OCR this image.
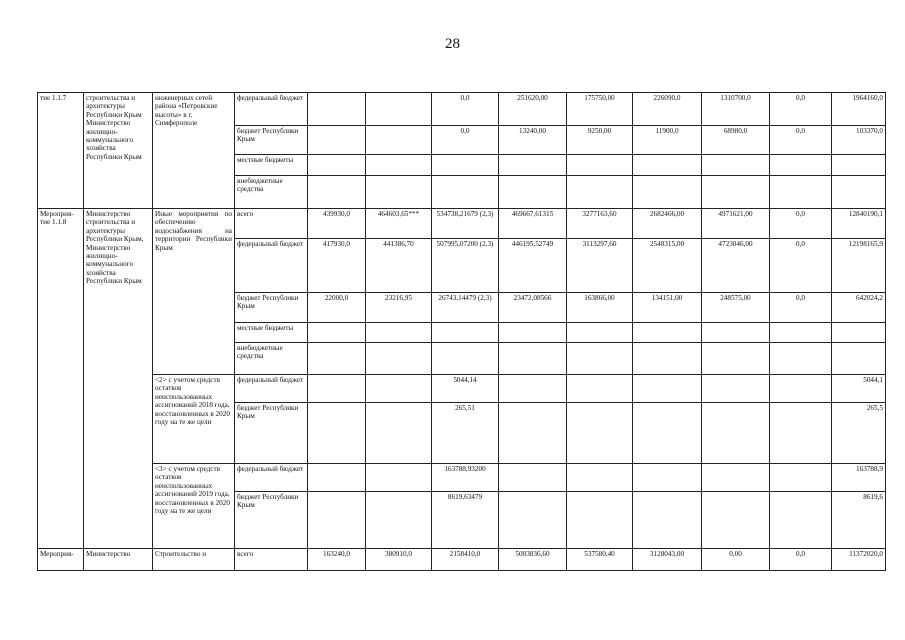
28
тие 1.1.7	строительства и архитектуры Республики Крым Министерство жилищно-коммунального хозяйства Республики Крым	инженерных сетей района «Петровские высоты» в г. Симферополе	федеральный бюджет			0,0	251620,00	175750,00	226090,0	1310700,0	0,0	1964160,0
			бюджет Республики Крым			0,0	13240,00	9250,00	11900,0	68980,0	0,0	103370,0
			местные бюджеты									
			внебюджетные средства									
Мероприя-тие 1.1.8	Министерство строительства и архитектуры Республики Крым, Министерство жилищно-коммунального хозяйства Республики Крым	Иные мероприятия по обеспечению водоснабжения на территории Республики Крым	всего	439930,0	464603,65***	534738,21679 (2,3)	469667,61315	3277163,60	2682466,00	4971621,00	0,0	12840190,1
			федеральный бюджет	417930,0	441386,70	507995,07200 (2,3)	446195,52749	3113297,60	2548315,00	4723046,00	0,0	12198165,9
			бюджет Республики Крым	22000,0	23216,95	26743,14479 (2,3)	23472,08566	163866,00	134151,00	248575,00	0,0	642024,2
			местные бюджеты									
			внебюджетные средства									
		<2> с учетом средств остатков неиспользованных ассигнований 2018 года, восстановленных в 2020 году на те же цели	федеральный бюджет			5044,14						5044,1
			бюджет Республики Крым			265,51						265,5
		<3> с учетом средств остатков неиспользованных ассигнований 2019 года, восстановленных в 2020 году на те же цели	федеральный бюджет			163788,93200						163788,9
			бюджет Республики Крым			8619,63479						8619,6
Мероприя-	Министерство	Строительство и	всего	163240,0	380910,0	2158410,0	5003836,60	537580,40	3128043,00	0,00	0,0	11372020,0
